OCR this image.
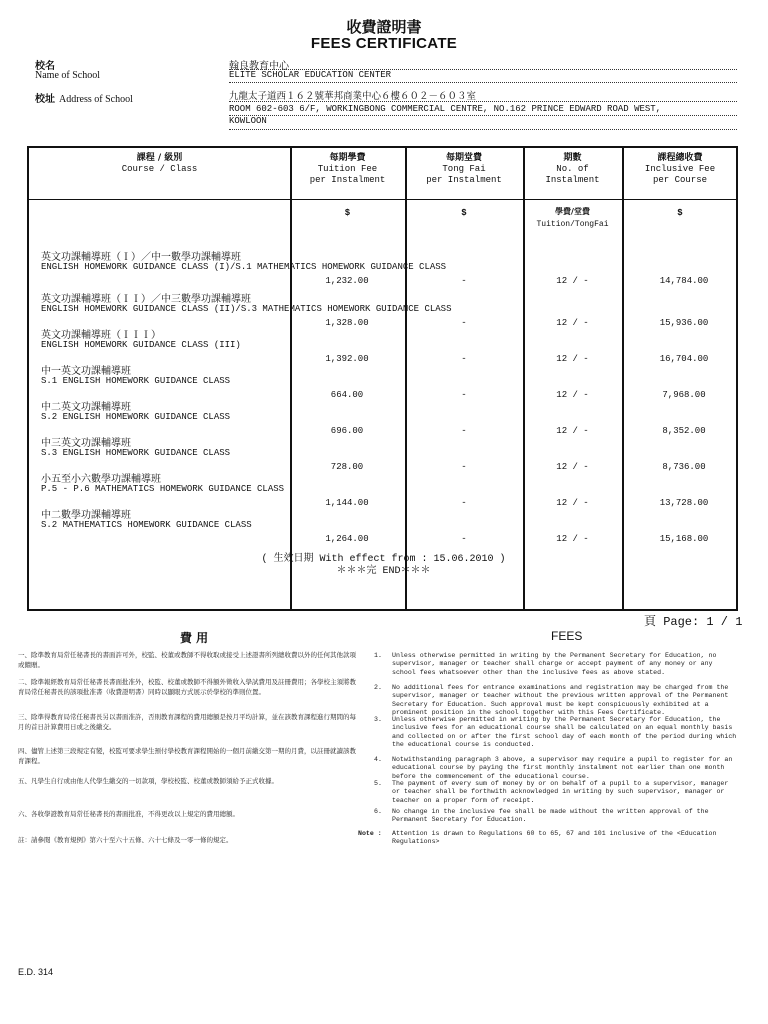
收費證明書
FEES CERTIFICATE
校名
Name of School
翰良教育中心
ELITE SCHOLAR EDUCATION CENTER
校址 Address of School	九龍太子道西１６２號華邦商業中心６樓６０２－６０３室
ROOM 602-603 6/F, WORKINGBONG COMMERCIAL CENTRE, NO.162 PRINCE EDWARD ROAD WEST,
KOWLOON
課程 / 級別
Course / Class
每期學費
Tuition Fee
per Instalment
每期堂費
Tong Fai
per Instalment
期數
No. of
Instalment
課程總收費
Inclusive Fee
per Course
$	$	學費/堂費
Tuition/TongFai
$
英文功課輔導班（Ｉ）／中一數學功課輔導班
ENGLISH HOMEWORK GUIDANCE CLASS (I)/S.1 MATHEMATICS HOMEWORK GUIDANCE CLASS
1,232.00	-	12 / -	14,784.00
英文功課輔導班（ＩＩ）／中三數學功課輔導班
ENGLISH HOMEWORK GUIDANCE CLASS (II)/S.3 MATHEMATICS HOMEWORK GUIDANCE CLASS
1,328.00	-	12 / -	15,936.00
英文功課輔導班（ＩＩＩ）
ENGLISH HOMEWORK GUIDANCE CLASS (III)
1,392.00	-	12 / -	16,704.00
中一英文功課輔導班
S.1 ENGLISH HOMEWORK GUIDANCE CLASS
664.00	-	12 / -	7,968.00
中二英文功課輔導班
S.2 ENGLISH HOMEWORK GUIDANCE CLASS
696.00	-	12 / -	8,352.00
中三英文功課輔導班
S.3 ENGLISH HOMEWORK GUIDANCE CLASS
728.00	-	12 / -	8,736.00
小五至小六數學功課輔導班
P.5 - P.6 MATHEMATICS HOMEWORK GUIDANCE CLASS
1,144.00	-	12 / -	13,728.00
中二數學功課輔導班
S.2 MATHEMATICS HOMEWORK GUIDANCE CLASS
1,264.00	-	12 / -	15,168.00
( 生效日期 With effect from : 15.06.2010 )
＊＊＊完 END＊＊＊
頁 Page: 1 / 1
費 用	FEES
一、除準教育局常任秘書長的書面許可外，校監、校董或教師不得收取或接受上述證書所列總收費以外的任何其他款項或饋贈。
二、除準報經教育局常任秘書長書面批准外，校監、校董或教師不得額外徵收入學試費用及註冊費用；各學校主須將教育局常任秘書長的該項批准書（收費證明書）同時以顯眼方式展示於學校的準則位置。
三、除準得教育局常任秘書長另以書面准許，否則教育課程的費用總額是按月平均計算，並在該教育課程進行期間的每月的首日計算費用日或之後繳交。
四、儘管上述第三段規定有變，校監可要求學生預付學校教育課程開始的一個月前繳交第一期的月費，以註冊就讀該教育課程。
五、凡學生自行或由他人代學生繳交的一切款項，學校校監、校董或教師須給予正式收據。
六、各收學證教育局常任秘書長的書面批准，不得更改以上規定的費用總額。
註：請參閱《教育規例》第六十至六十五條、六十七條及一零一條的規定。
1. Unless otherwise permitted in writing by the Permanent Secretary for Education, no supervisor, manager or teacher shall charge or accept payment of any money or any school fees whatsoever other than the inclusive fees as above stated.
2. No additional fees for entrance examinations and registration may be charged from the supervisor, manager or teacher without the previous written approval of the Permanent Secretary for Education. Such approval must be kept conspicuously exhibited at a prominent position in the school together with this Fees Certificate.
3. Unless otherwise permitted in writing by the Permanent Secretary for Education, the inclusive fees for an educational course shall be calculated on an equal monthly basis and collected on or after the first school day of each month of the period during which the educational course is conducted.
4. Notwithstanding paragraph 3 above, a supervisor may require a pupil to register for an educational course by paying the first monthly instalment not earlier than one month before the commencement of the educational course.
5. The payment of every sum of money by or on behalf of a pupil to a supervisor, manager or teacher shall be forthwith acknowledged in writing by such supervisor, manager or teacher on a proper form of receipt.
6. No change in the inclusive fee shall be made without the written approval of the Permanent Secretary for Education.
Note : Attention is drawn to Regulations 60 to 65, 67 and 101 inclusive of the <Education Regulations>
E.D. 314
